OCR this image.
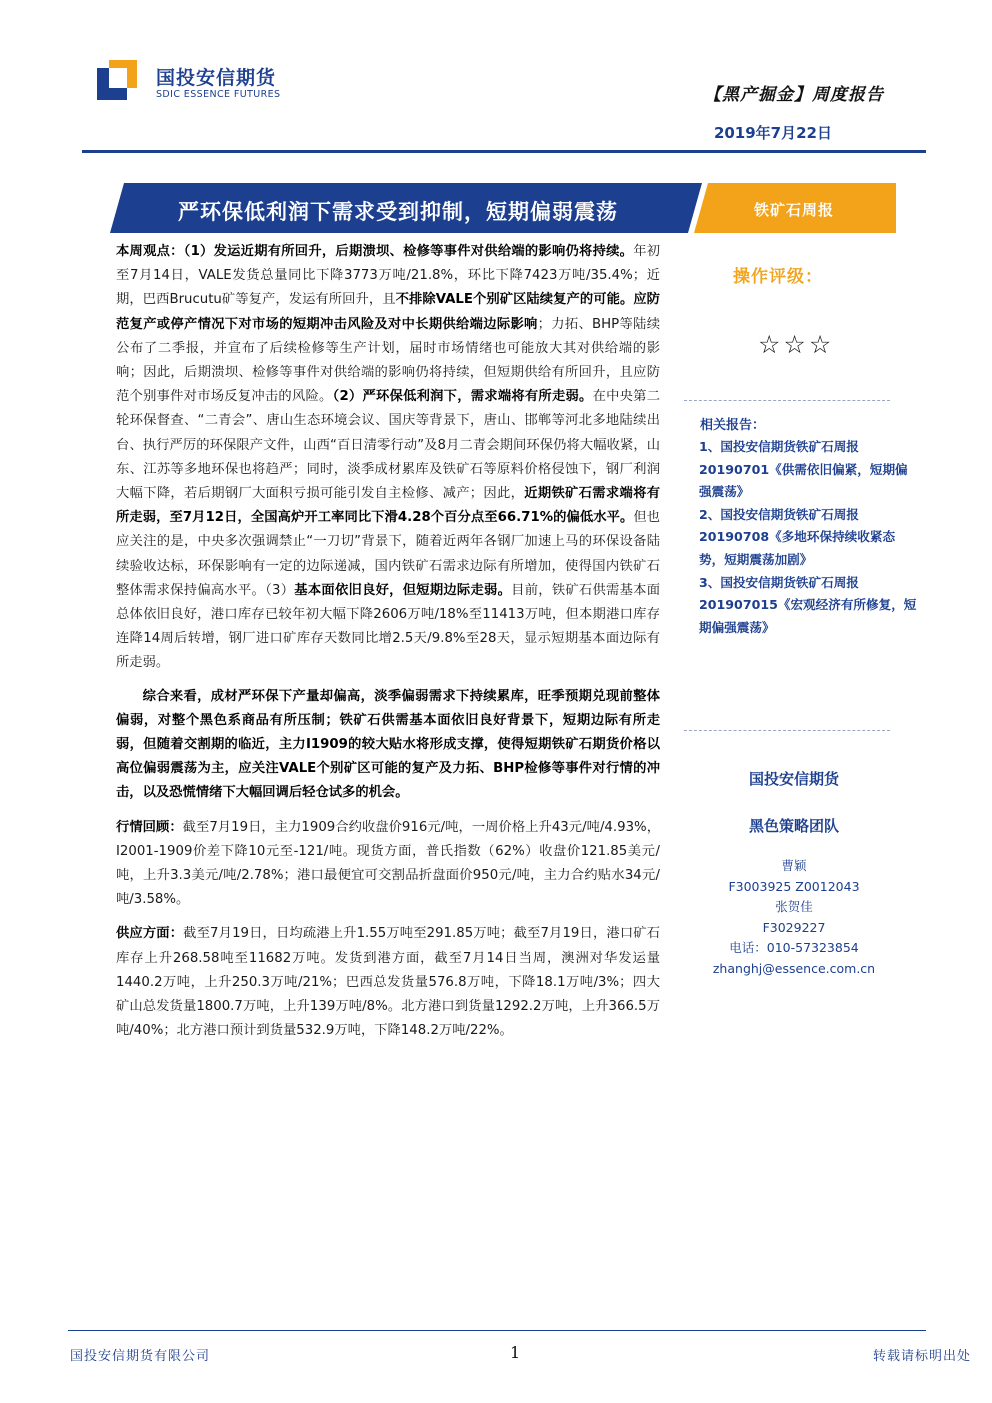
国投安信期货
SDIC ESSENCE FUTURES	【黑产掘金】周度报告
2019年7月22日
严环保低利润下需求受到抑制，短期偏弱震荡	铁矿石周报

本周观点：（1）发运近期有所回升，后期溃坝、检修等事件对供给端的影响仍将持续。年初至7月14日，VALE发货总量同比下降3773万吨/21.8%，环比下降7423万吨/35.4%；近期，巴西Brucutu矿等复产，发运有所回升，且不排除VALE个别矿区陆续复产的可能。应防范复产或停产情况下对市场的短期冲击风险及对中长期供给端边际影响；力拓、BHP等陆续公布了二季报，并宣布了后续检修等生产计划，届时市场情绪也可能放大其对供给端的影响；因此，后期溃坝、检修等事件对供给端的影响仍将持续，但短期供给有所回升，且应防范个别事件对市场反复冲击的风险。（2）严环保低利润下，需求端将有所走弱。在中央第二轮环保督查、“二青会”、唐山生态环境会议、国庆等背景下，唐山、邯郸等河北多地陆续出台、执行严厉的环保限产文件，山西“百日清零行动”及8月二青会期间环保仍将大幅收紧，山东、江苏等多地环保也将趋严；同时，淡季成材累库及铁矿石等原料价格侵蚀下，钢厂利润大幅下降，若后期钢厂大面积亏损可能引发自主检修、减产；因此，近期铁矿石需求端将有所走弱，至7月12日，全国高炉开工率同比下滑4.28个百分点至66.71%的偏低水平。但也应关注的是，中央多次强调禁止“一刀切”背景下，随着近两年各钢厂加速上马的环保设备陆续验收达标，环保影响有一定的边际递减，国内铁矿石需求边际有所增加，使得国内铁矿石整体需求保持偏高水平。（3）基本面依旧良好，但短期边际走弱。目前，铁矿石供需基本面总体依旧良好，港口库存已较年初大幅下降2606万吨/18%至11413万吨，但本期港口库存连降14周后转增，钢厂进口矿库存天数同比增2.5天/9.8%至28天，显示短期基本面边际有所走弱。

综合来看，成材严环保下产量却偏高，淡季偏弱需求下持续累库，旺季预期兑现前整体偏弱，对整个黑色系商品有所压制；铁矿石供需基本面依旧良好背景下，短期边际有所走弱，但随着交割期的临近，主力I1909的较大贴水将形成支撑，使得短期铁矿石期货价格以高位偏弱震荡为主，应关注VALE个别矿区可能的复产及力拓、BHP检修等事件对行情的冲击，以及恐慌情绪下大幅回调后轻仓试多的机会。

行情回顾：截至7月19日，主力1909合约收盘价916元/吨，一周价格上升43元/吨/4.93%，I2001-1909价差下降10元至-121/吨。现货方面，普氏指数（62%）收盘价121.85美元/吨，上升3.3美元/吨/2.78%；港口最便宜可交割品折盘面价950元/吨，主力合约贴水34元/吨/3.58%。

供应方面：截至7月19日，日均疏港上升1.55万吨至291.85万吨；截至7月19日，港口矿石库存上升268.58吨至11682万吨。发货到港方面，截至7月14日当周，澳洲对华发运量1440.2万吨，上升250.3万吨/21%；巴西总发货量576.8万吨，下降18.1万吨/3%；四大矿山总发货量1800.7万吨，上升139万吨/8%。北方港口到货量1292.2万吨，上升366.5万吨/40%；北方港口预计到货量532.9万吨，下降148.2万吨/22%。

操作评级：
☆☆☆
相关报告：

1、国投安信期货铁矿石周报20190701《供需依旧偏紧，短期偏强震荡》

2、国投安信期货铁矿石周报20190708《多地环保持续收紧态势，短期震荡加剧》

3、国投安信期货铁矿石周报201907015《宏观经济有所修复，短期偏强震荡》

国投安信期货
黑色策略团队
曹颖
F3003925 Z0012043
张贺佳
F3029227
电话：010-57323854
zhanghj@essence.com.cn
国投安信期货有限公司	1	转载请标明出处
